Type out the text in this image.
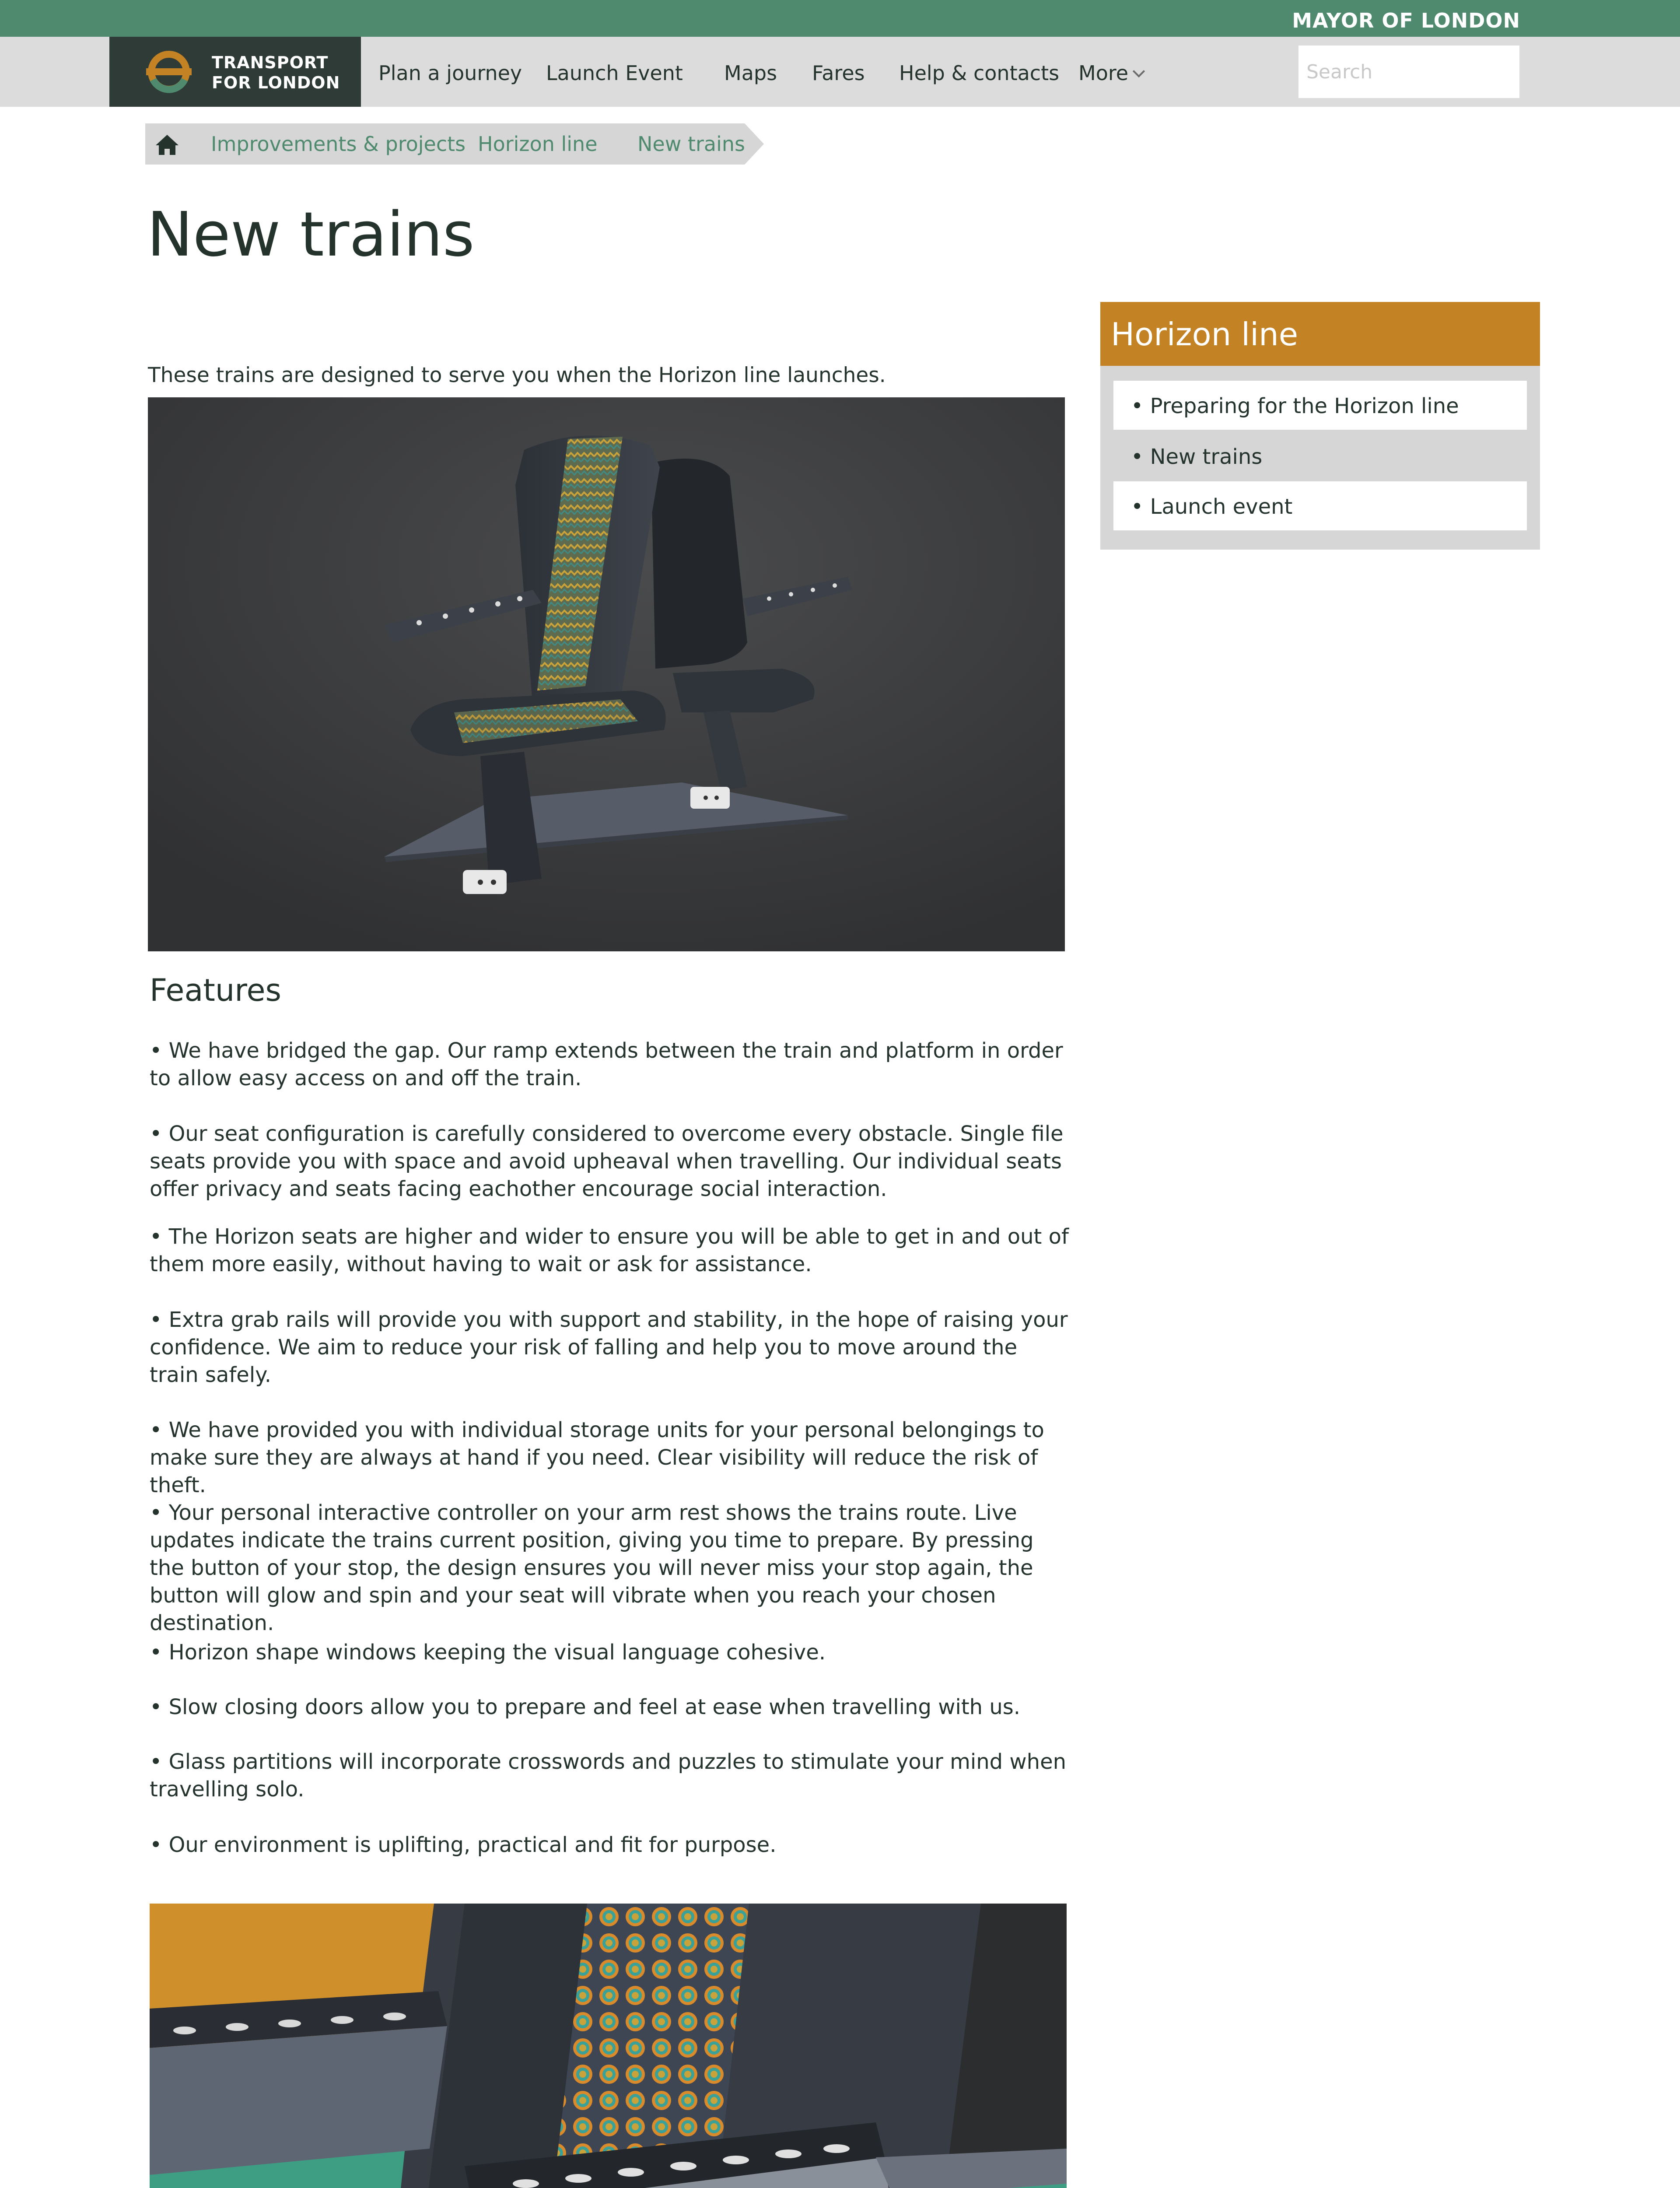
MAYOR OF LONDON
TRANSPORT
FOR LONDON Plan a journey Launch Event Maps Fares Help & contacts More
Search
Improvements & projects Horizon line New trains
New trains
Horizon line
• Preparing for the Horizon line
• New trains
• Launch event

These trains are designed to serve you when the Horizon line launches.

Features

• We have bridged the gap. Our ramp extends between the train and platform in order to allow easy access on and off the train.

• Our seat configuration is carefully considered to overcome every obstacle. Single file seats provide you with space and avoid upheaval when travelling. Our individual seats offer privacy and seats facing eachother encourage social interaction.

• The Horizon seats are higher and wider to ensure you will be able to get in and out of them more easily, without having to wait or ask for assistance.

• Extra grab rails will provide you with support and stability, in the hope of raising your confidence. We aim to reduce your risk of falling and help you to move around the train safely.

• We have provided you with individual storage units for your personal belongings to make sure they are always at hand if you need. Clear visibility will reduce the risk of theft.

• Your personal interactive controller on your arm rest shows the trains route. Live updates indicate the trains current position, giving you time to prepare. By pressing the button of your stop, the design ensures you will never miss your stop again, the button will glow and spin and your seat will vibrate when you reach your chosen destination.

• Horizon shape windows keeping the visual language cohesive.

• Slow closing doors allow you to prepare and feel at ease when travelling with us.

• Glass partitions will incorporate crosswords and puzzles to stimulate your mind when travelling solo.

• Our environment is uplifting, practical and fit for purpose.
